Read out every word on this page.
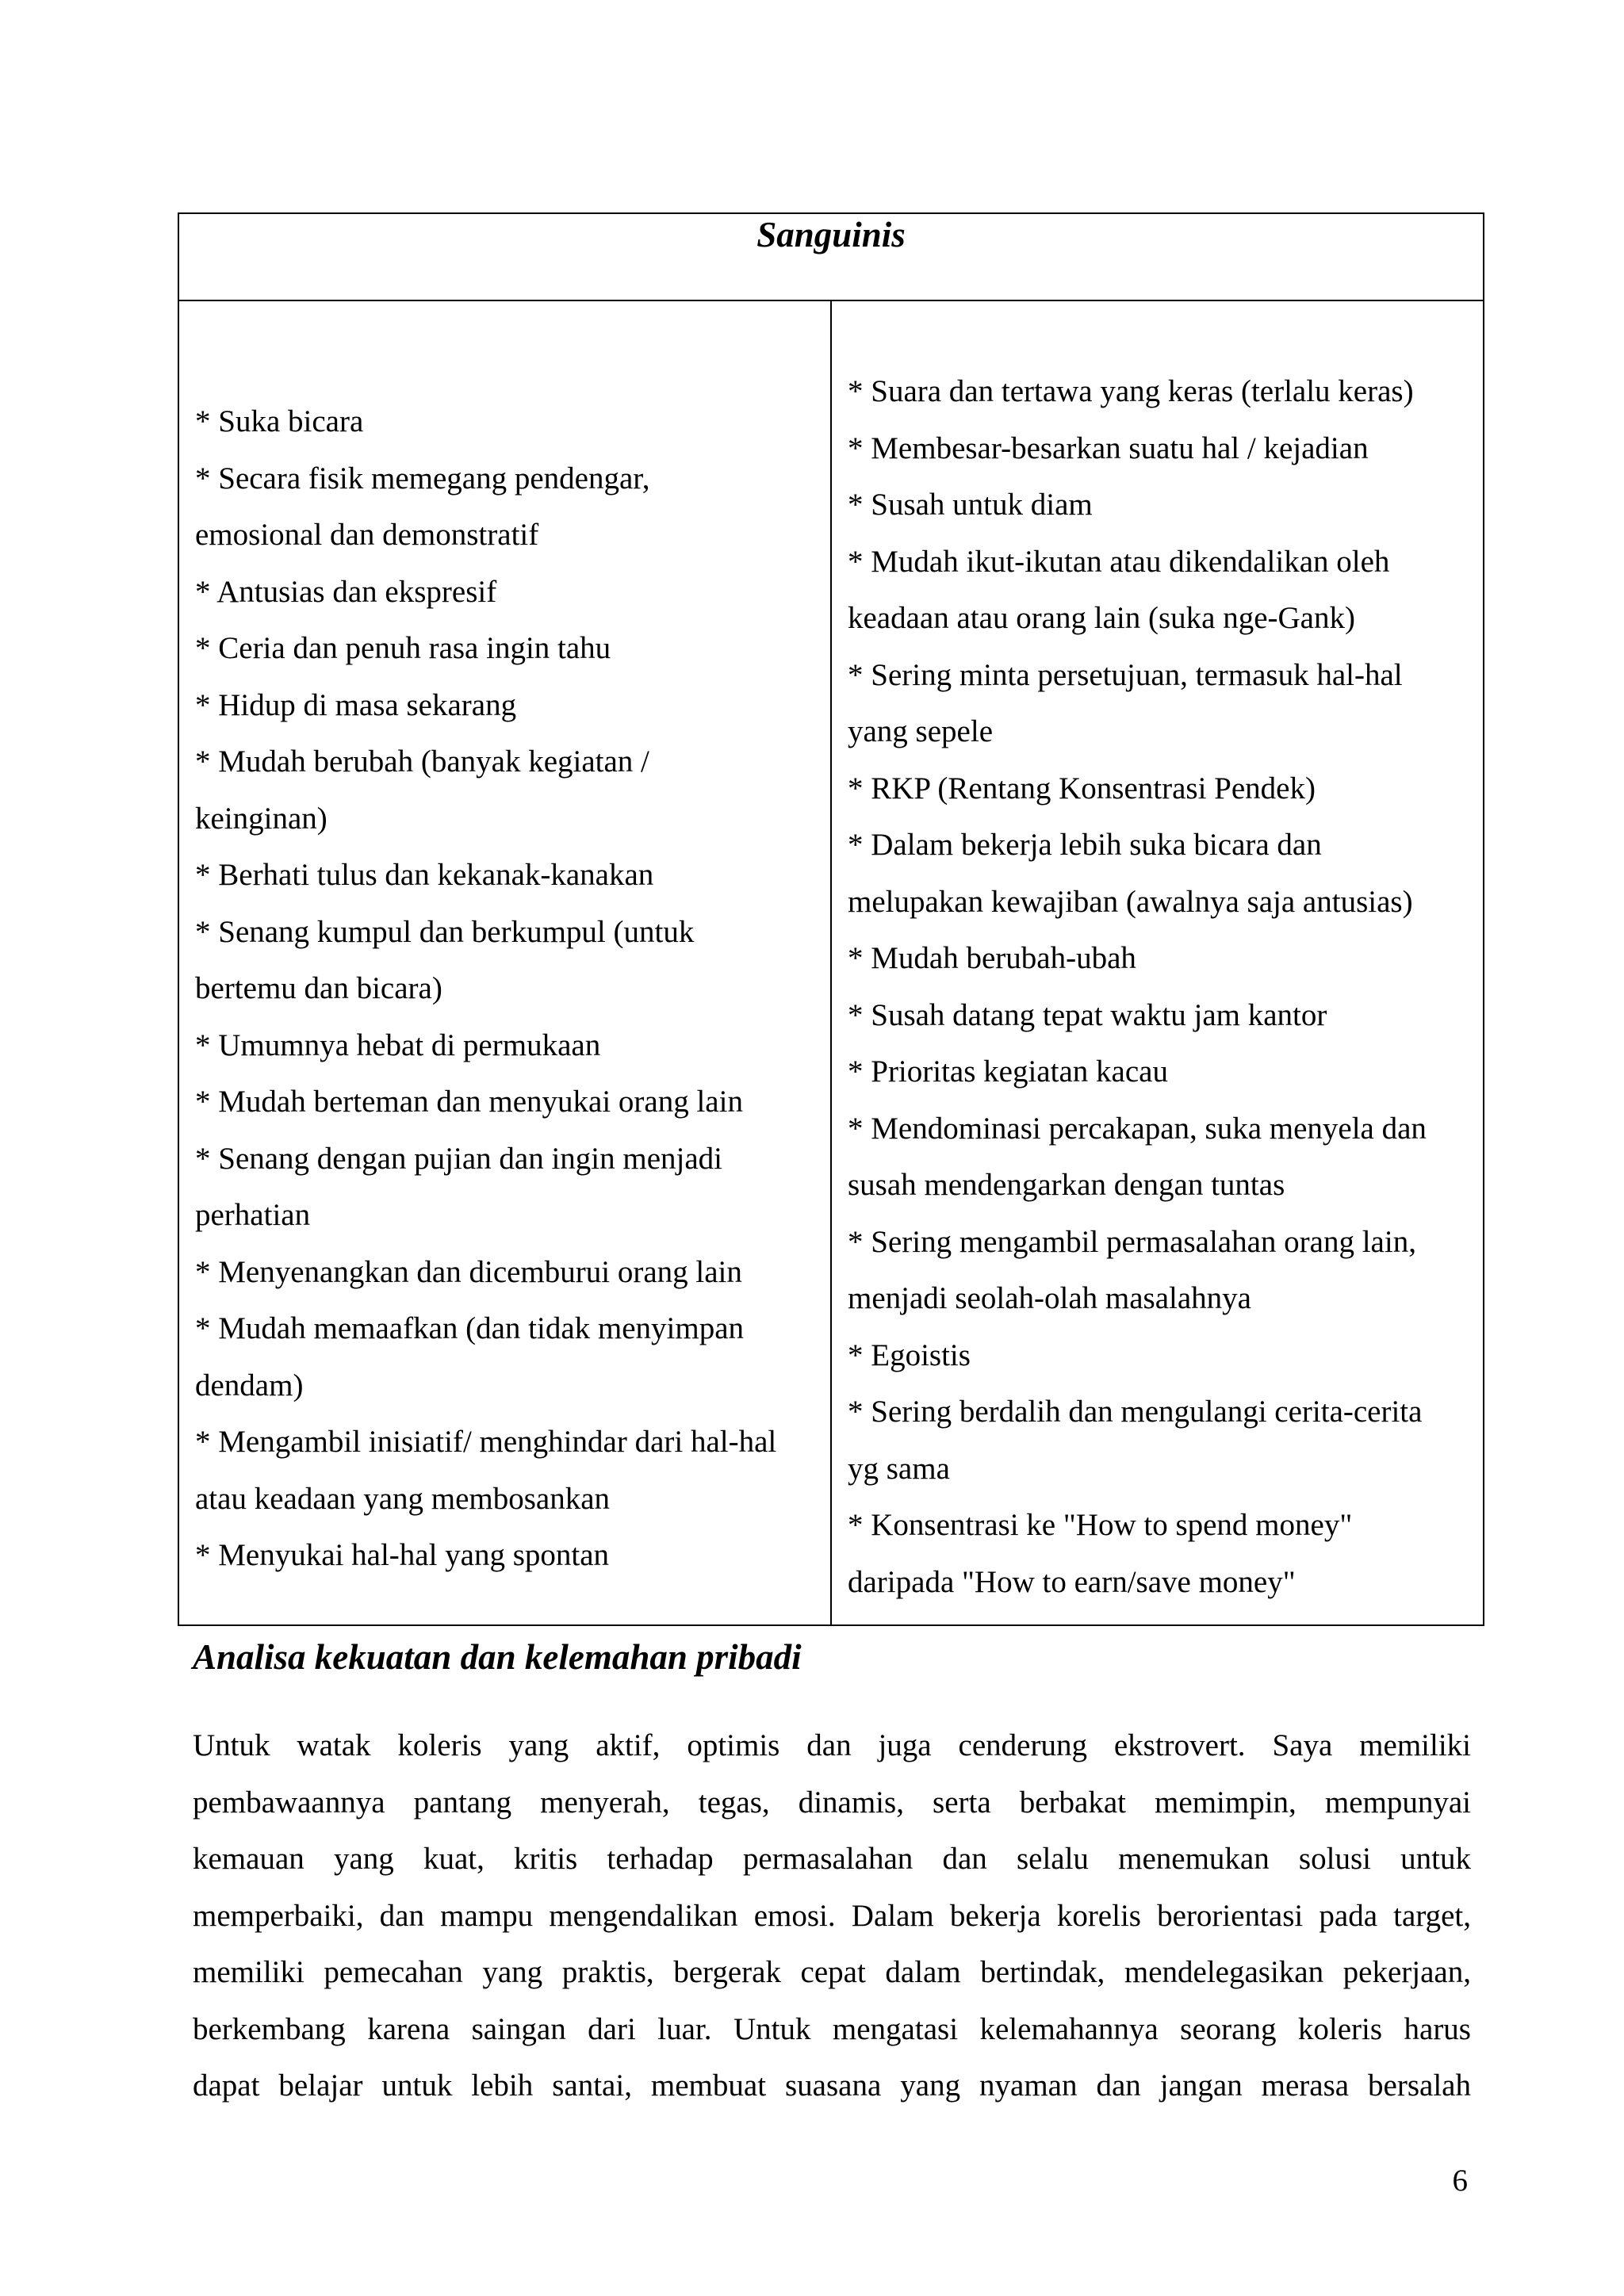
Sanguinis

* Suka bicara
* Secara fisik memegang pendengar,
emosional dan demonstratif
* Antusias dan ekspresif
* Ceria dan penuh rasa ingin tahu
* Hidup di masa sekarang
* Mudah berubah (banyak kegiatan /
keinginan)
* Berhati tulus dan kekanak-kanakan
* Senang kumpul dan berkumpul (untuk
bertemu dan bicara)
* Umumnya hebat di permukaan
* Mudah berteman dan menyukai orang lain
* Senang dengan pujian dan ingin menjadi
perhatian
* Menyenangkan dan dicemburui orang lain
* Mudah memaafkan (dan tidak menyimpan
dendam)
* Mengambil inisiatif/ menghindar dari hal-hal
atau keadaan yang membosankan
* Menyukai hal-hal yang spontan

* Suara dan tertawa yang keras (terlalu keras)
* Membesar-besarkan suatu hal / kejadian
* Susah untuk diam
* Mudah ikut-ikutan atau dikendalikan oleh
keadaan atau orang lain (suka nge-Gank)
* Sering minta persetujuan, termasuk hal-hal
yang sepele
* RKP (Rentang Konsentrasi Pendek)
* Dalam bekerja lebih suka bicara dan
melupakan kewajiban (awalnya saja antusias)
* Mudah berubah-ubah
* Susah datang tepat waktu jam kantor
* Prioritas kegiatan kacau
* Mendominasi percakapan, suka menyela dan
susah mendengarkan dengan tuntas
* Sering mengambil permasalahan orang lain,
menjadi seolah-olah masalahnya
* Egoistis
* Sering berdalih dan mengulangi cerita-cerita
yg sama
* Konsentrasi ke "How to spend money"
daripada "How to earn/save money"
Analisa kekuatan dan kelemahan pribadi
Untuk watak koleris yang aktif, optimis dan juga cenderung ekstrovert. Saya memiliki
pembawaannya pantang menyerah, tegas, dinamis, serta berbakat memimpin, mempunyai
kemauan yang kuat, kritis terhadap permasalahan dan selalu menemukan solusi untuk
memperbaiki, dan mampu mengendalikan emosi. Dalam bekerja korelis berorientasi pada target,
memiliki pemecahan yang praktis, bergerak cepat dalam bertindak, mendelegasikan pekerjaan,
berkembang karena saingan dari luar. Untuk mengatasi kelemahannya seorang koleris harus
dapat belajar untuk lebih santai, membuat suasana yang nyaman dan jangan merasa bersalah
6
